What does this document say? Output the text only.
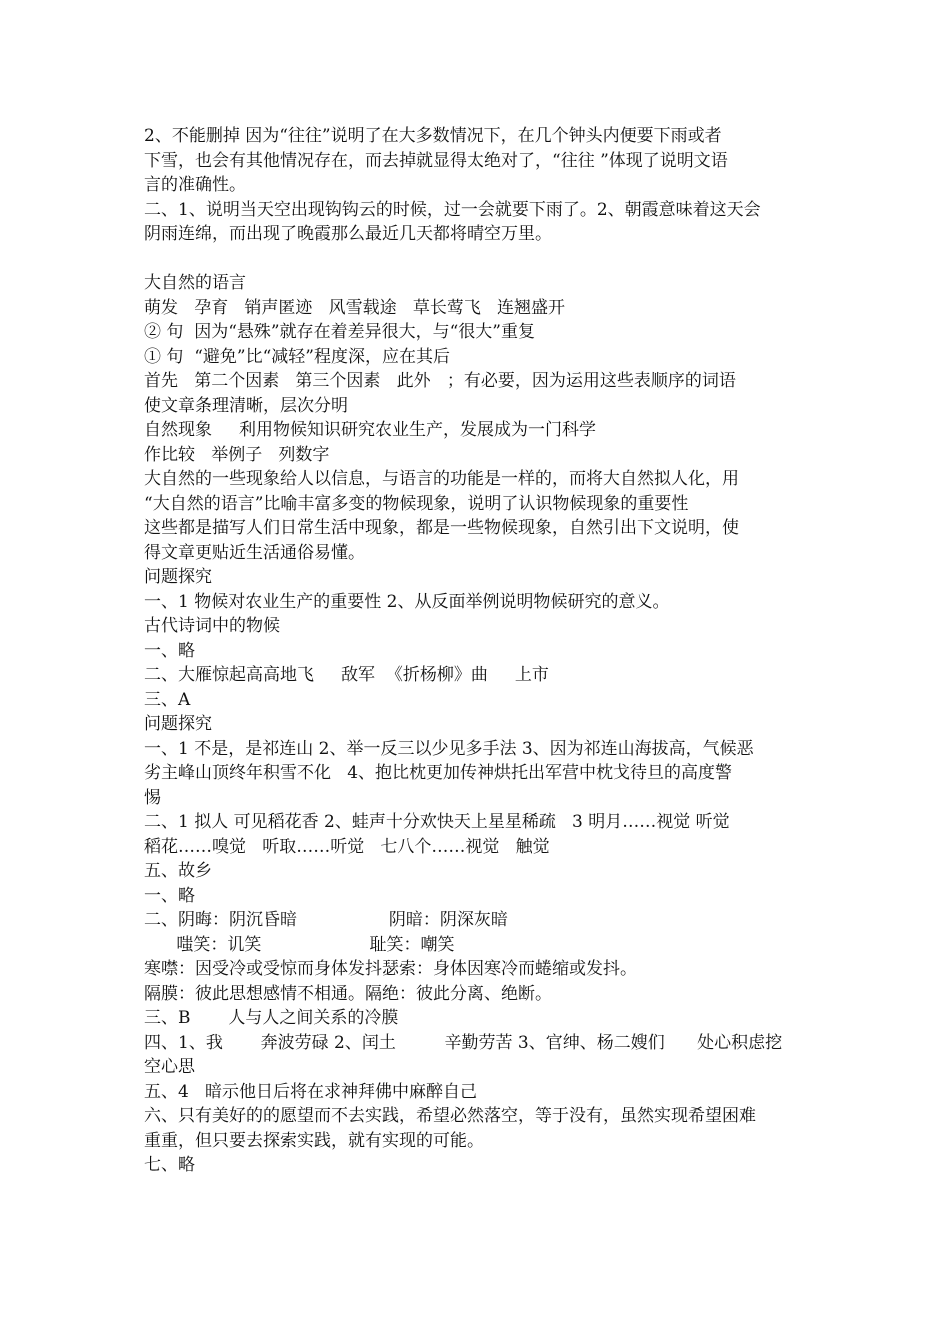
2、不能删掉 因为“往往”说明了在大多数情况下，在几个钟头内便要下雨或者
下雪，也会有其他情况存在，而去掉就显得太绝对了，“往往 ”体现了说明文语
言的准确性。
二、1、说明当天空出现钩钩云的时候，过一会就要下雨了。2、朝霞意味着这天会
阴雨连绵，而出现了晚霞那么最近几天都将晴空万里。
大自然的语言
萌发   孕育   销声匿迹   风雪载途   草长莺飞   连翘盛开
② 句  因为“悬殊”就存在着差异很大，与“很大”重复
① 句  “避免”比“减轻”程度深，应在其后
首先   第二个因素   第三个因素   此外   ；有必要，因为运用这些表顺序的词语
使文章条理清晰，层次分明
自然现象     利用物候知识研究农业生产，发展成为一门科学
作比较   举例子   列数字
大自然的一些现象给人以信息，与语言的功能是一样的，而将大自然拟人化，用
“大自然的语言”比喻丰富多变的物候现象，说明了认识物候现象的重要性
这些都是描写人们日常生活中现象，都是一些物候现象，自然引出下文说明，使
得文章更贴近生活通俗易懂。
问题探究
一、1 物候对农业生产的重要性 2、从反面举例说明物候研究的意义。
古代诗词中的物候
一、略
二、大雁惊起高高地飞     敌军  《折杨柳》曲     上市
三、A
问题探究
一、1 不是，是祁连山 2、举一反三以少见多手法 3、因为祁连山海拔高，气候恶
劣主峰山顶终年积雪不化   4、抱比枕更加传神烘托出军营中枕戈待旦的高度警
惕
二、1 拟人 可见稻花香 2、蛙声十分欢快天上星星稀疏   3 明月……视觉 听觉
稻花……嗅觉   听取……听觉   七八个……视觉   触觉
五、故乡
一、略
二、阴晦：阴沉昏暗                 阴暗：阴深灰暗
嗤笑：讥笑                    耻笑：嘲笑
寒噤：因受冷或受惊而身体发抖瑟索：身体因寒冷而蜷缩或发抖。
隔膜：彼此思想感情不相通。隔绝：彼此分离、绝断。
三、B       人与人之间关系的冷膜
四、1、我       奔波劳碌 2、闰土         辛勤劳苦 3、官绅、杨二嫂们      处心积虑挖
空心思
五、4   暗示他日后将在求神拜佛中麻醉自己
六、只有美好的的愿望而不去实践，希望必然落空，等于没有，虽然实现希望困难
重重，但只要去探索实践，就有实现的可能。
七、略
